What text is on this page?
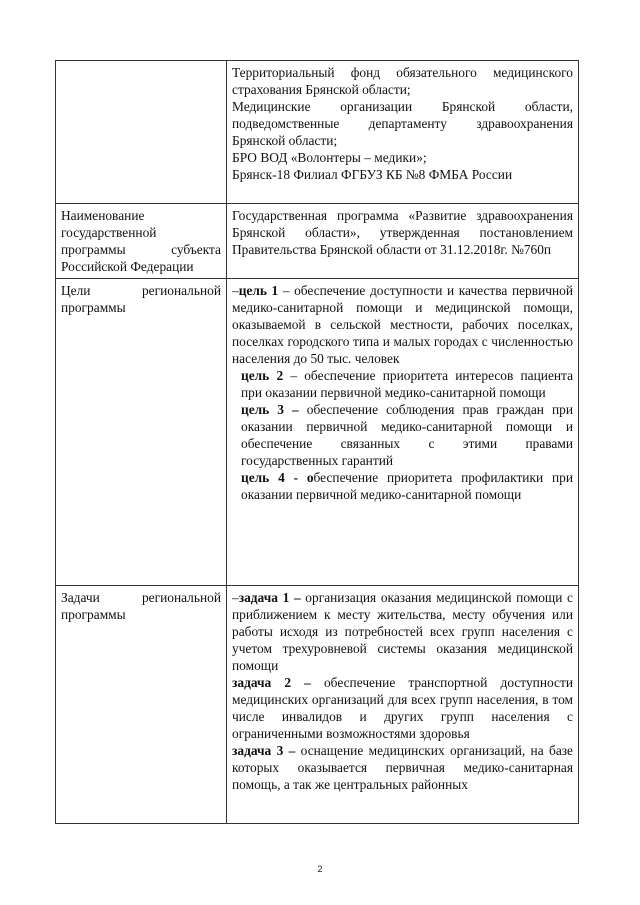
	Территориальный фонд обязательного медицинского страхования Брянской области;
Медицинские организации Брянской области, подведомственные департаменту здравоохранения Брянской области;
БРО ВОД «Волонтеры – медики»;
Брянск-18 Филиал ФГБУЗ КБ №8 ФМБА России

Наименование государственной программы субъекта Российской Федерации	Государственная программа «Развитие здравоохранения Брянской области», утвержденная постановлением Правительства Брянской области от 31.12.2018г. №760п
Цели региональной программы	–цель 1 – обеспечение доступности и качества первичной медико-санитарной помощи и медицинской помощи, оказываемой в сельской местности, рабочих поселках, поселках городского типа и малых городах с численностью населения до 50 тыс. человек
цель 2 – обеспечение приоритета интересов пациента при оказании первичной медико-санитарной помощи
цель 3 – обеспечение соблюдения прав граждан при оказании первичной медико-санитарной помощи и обеспечение связанных с этими правами государственных гарантий
цель 4 - обеспечение приоритета профилактики при оказании первичной медико-санитарной помощи

Задачи региональной программы	–задача 1 – организация оказания медицинской помощи с приближением к месту жительства, месту обучения или работы исходя из потребностей всех групп населения с учетом трехуровневой системы оказания медицинской помощи
задача 2 – обеспечение транспортной доступности медицинских организаций для всех групп населения, в том числе инвалидов и других групп населения с ограниченными возможностями здоровья
задача 3 – оснащение медицинских организаций, на базе которых оказывается первичная медико-санитарная помощь, а так же центральных районных
2
